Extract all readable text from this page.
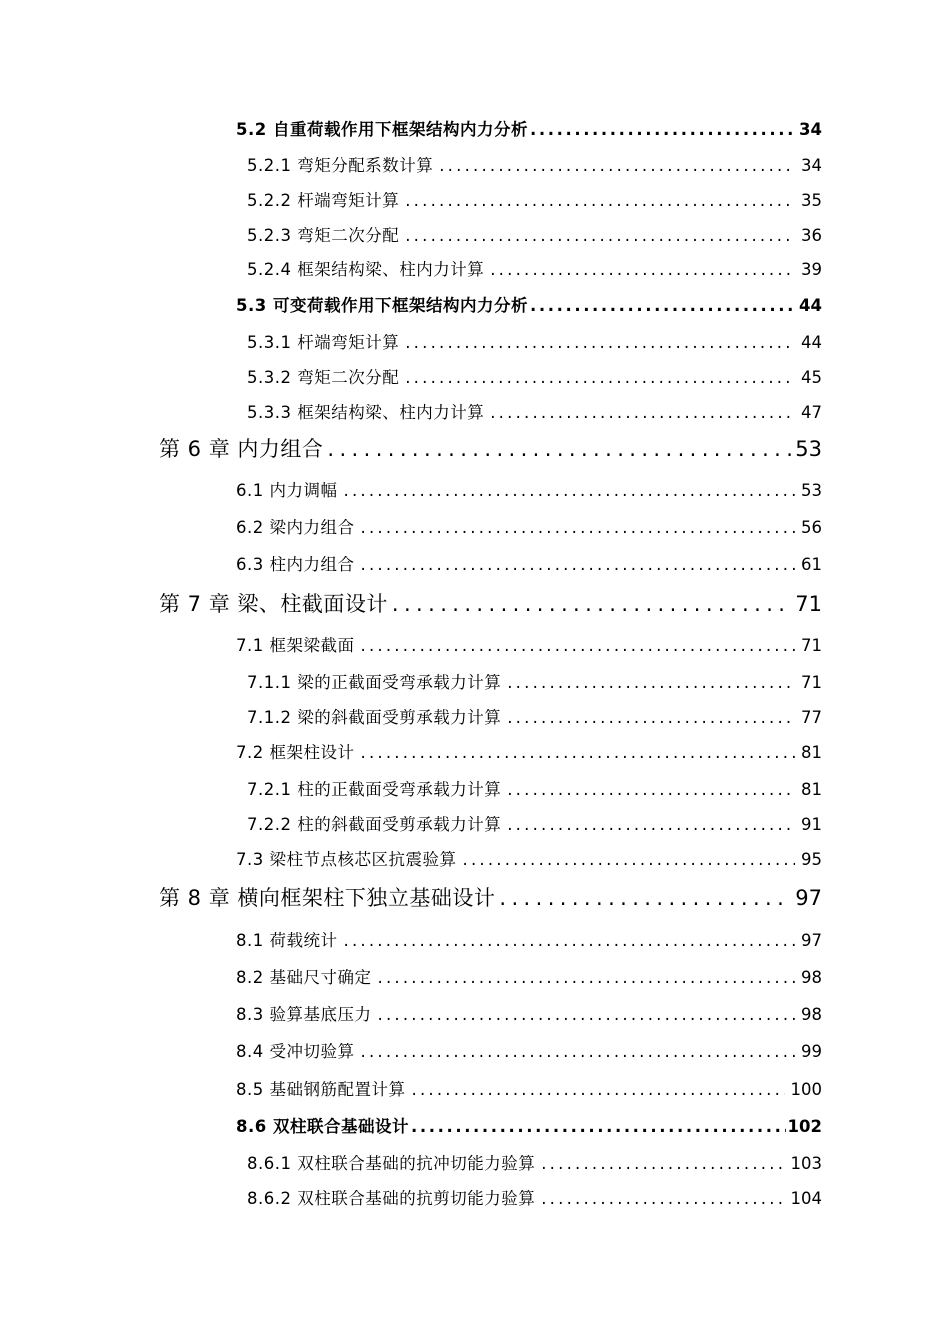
5.2 自重荷载作用下框架结构内力分析 .....	34
5.2.1 弯矩分配系数计算 .....	34
5.2.2 杆端弯矩计算 .....	35
5.2.3 弯矩二次分配 .....	36
5.2.4 框架结构梁、柱内力计算 .....	39
5.3 可变荷载作用下框架结构内力分析 .....	44
5.3.1 杆端弯矩计算 .....	44
5.3.2 弯矩二次分配 .....	45
5.3.3 框架结构梁、柱内力计算 .....	47
第 6 章 内力组合 .....	53
6.1 内力调幅 .....	53
6.2 梁内力组合 .....	56
6.3 柱内力组合 .....	61
第 7 章 梁、柱截面设计 .....	71
7.1 框架梁截面 .....	71
7.1.1 梁的正截面受弯承载力计算 .....	71
7.1.2 梁的斜截面受剪承载力计算 .....	77
7.2 框架柱设计 .....	81
7.2.1 柱的正截面受弯承载力计算 .....	81
7.2.2 柱的斜截面受剪承载力计算 .....	91
7.3 梁柱节点核芯区抗震验算 .....	95
第 8 章 横向框架柱下独立基础设计 .....	97
8.1 荷载统计 .....	97
8.2 基础尺寸确定 .....	98
8.3 验算基底压力 .....	98
8.4 受冲切验算 .....	99
8.5 基础钢筋配置计算 .....	100
8.6 双柱联合基础设计 .....	102
8.6.1 双柱联合基础的抗冲切能力验算 .....	103
8.6.2 双柱联合基础的抗剪切能力验算 .....	104
